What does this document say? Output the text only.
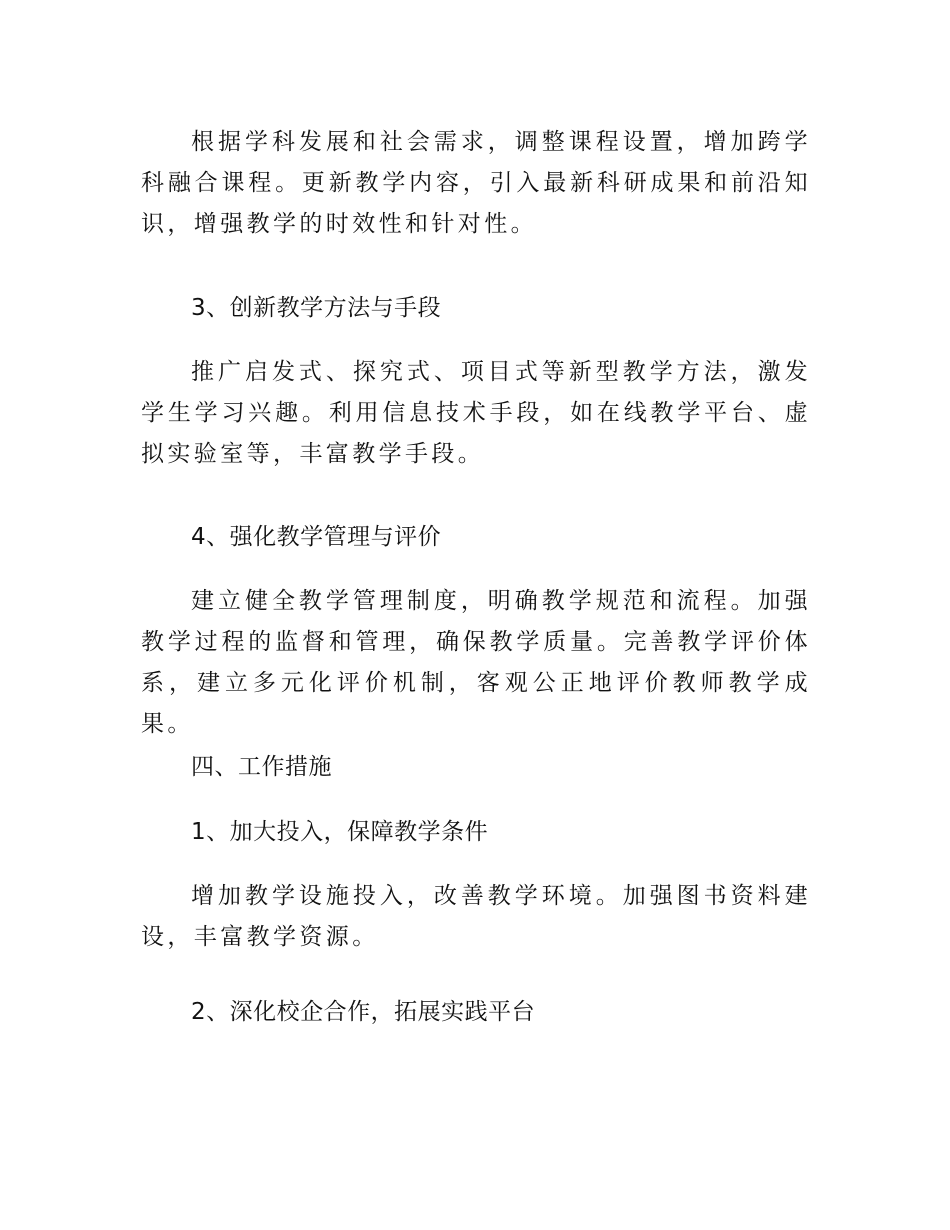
根据学科发展和社会需求，调整课程设置，增加跨学科融合课程。更新教学内容，引入最新科研成果和前沿知识，增强教学的时效性和针对性。

3、创新教学方法与手段

推广启发式、探究式、项目式等新型教学方法，激发学生学习兴趣。利用信息技术手段，如在线教学平台、虚拟实验室等，丰富教学手段。

4、强化教学管理与评价

建立健全教学管理制度，明确教学规范和流程。加强教学过程的监督和管理，确保教学质量。完善教学评价体系，建立多元化评价机制，客观公正地评价教师教学成果。

四、工作措施
1、加大投入，保障教学条件

增加教学设施投入，改善教学环境。加强图书资料建设，丰富教学资源。

2、深化校企合作，拓展实践平台
